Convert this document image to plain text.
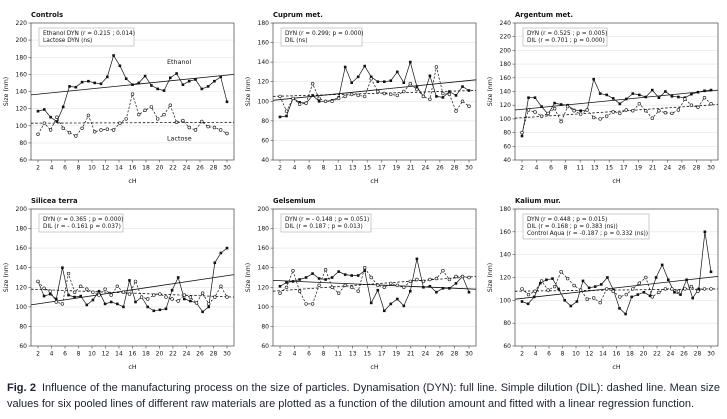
60
80
100
120
140
160
180
200
220
2 4 6 8 10 12 14 16 18 20 22 24 26 28 30
Ethanol DYN (r = 0.215 ; 0.014)
Lactose DYN (ns)
Ethanol
Lactose
Controls
Size (nm)
cH
40
60
80
100
120
140
160
180
2 4 6 8 11 13 15 17 19 21 24 26 28 30
DYN (r = 0.299; p = 0.000)
DIL (ns)
Cuprum met.
Size (nm)
cH
40
60
80
100
120
140
160
180
200
220
240
2 4 6 8 11 13 15 17 19 21 24 26 28 30
DYN (r = 0.525 ; p = 0.005)
DIL (r = 0.701 ; p = 0.000)
Argentum met.
Size (nm)
cH
60
80
100
120
140
160
180
200
2 4 6 8 10 12 14 16 18 20 22 24 26 28 30
DYN (r = 0.365 ; p = 0.000)
DIL (r = - 0.161 p = 0.037)
Silicea terra
Size (nm)
cH
60
80
100
120
140
160
180
200
2 4 6 8 11 13 15 17 19 21 24 26 28 30
DYN (r = - 0.148 ; p = 0.051)
DIL (r = 0.187 ; p = 0.013)
Gelsemium
Size (nm)
cH
60
80
100
120
140
160
180
2 4 6 8 10 12 14 16 18 20 22 24 26 28 30
DYN (r = 0.448 ; p = 0.015)
DIL (r = 0.168 ; p = 0.383 (ns))
Control Aqua (r = -0.187 ; p = 0.332 (ns))
Kalium mur.
Size (nm)
cH

Fig. 2 Influence of the manufacturing process on the size of particles. Dynamisation (DYN): full line. Simple dilution (DIL): dashed line. Mean size values for six pooled lines of different raw materials are plotted as a function of the dilution amount and fitted with a linear regression function.
